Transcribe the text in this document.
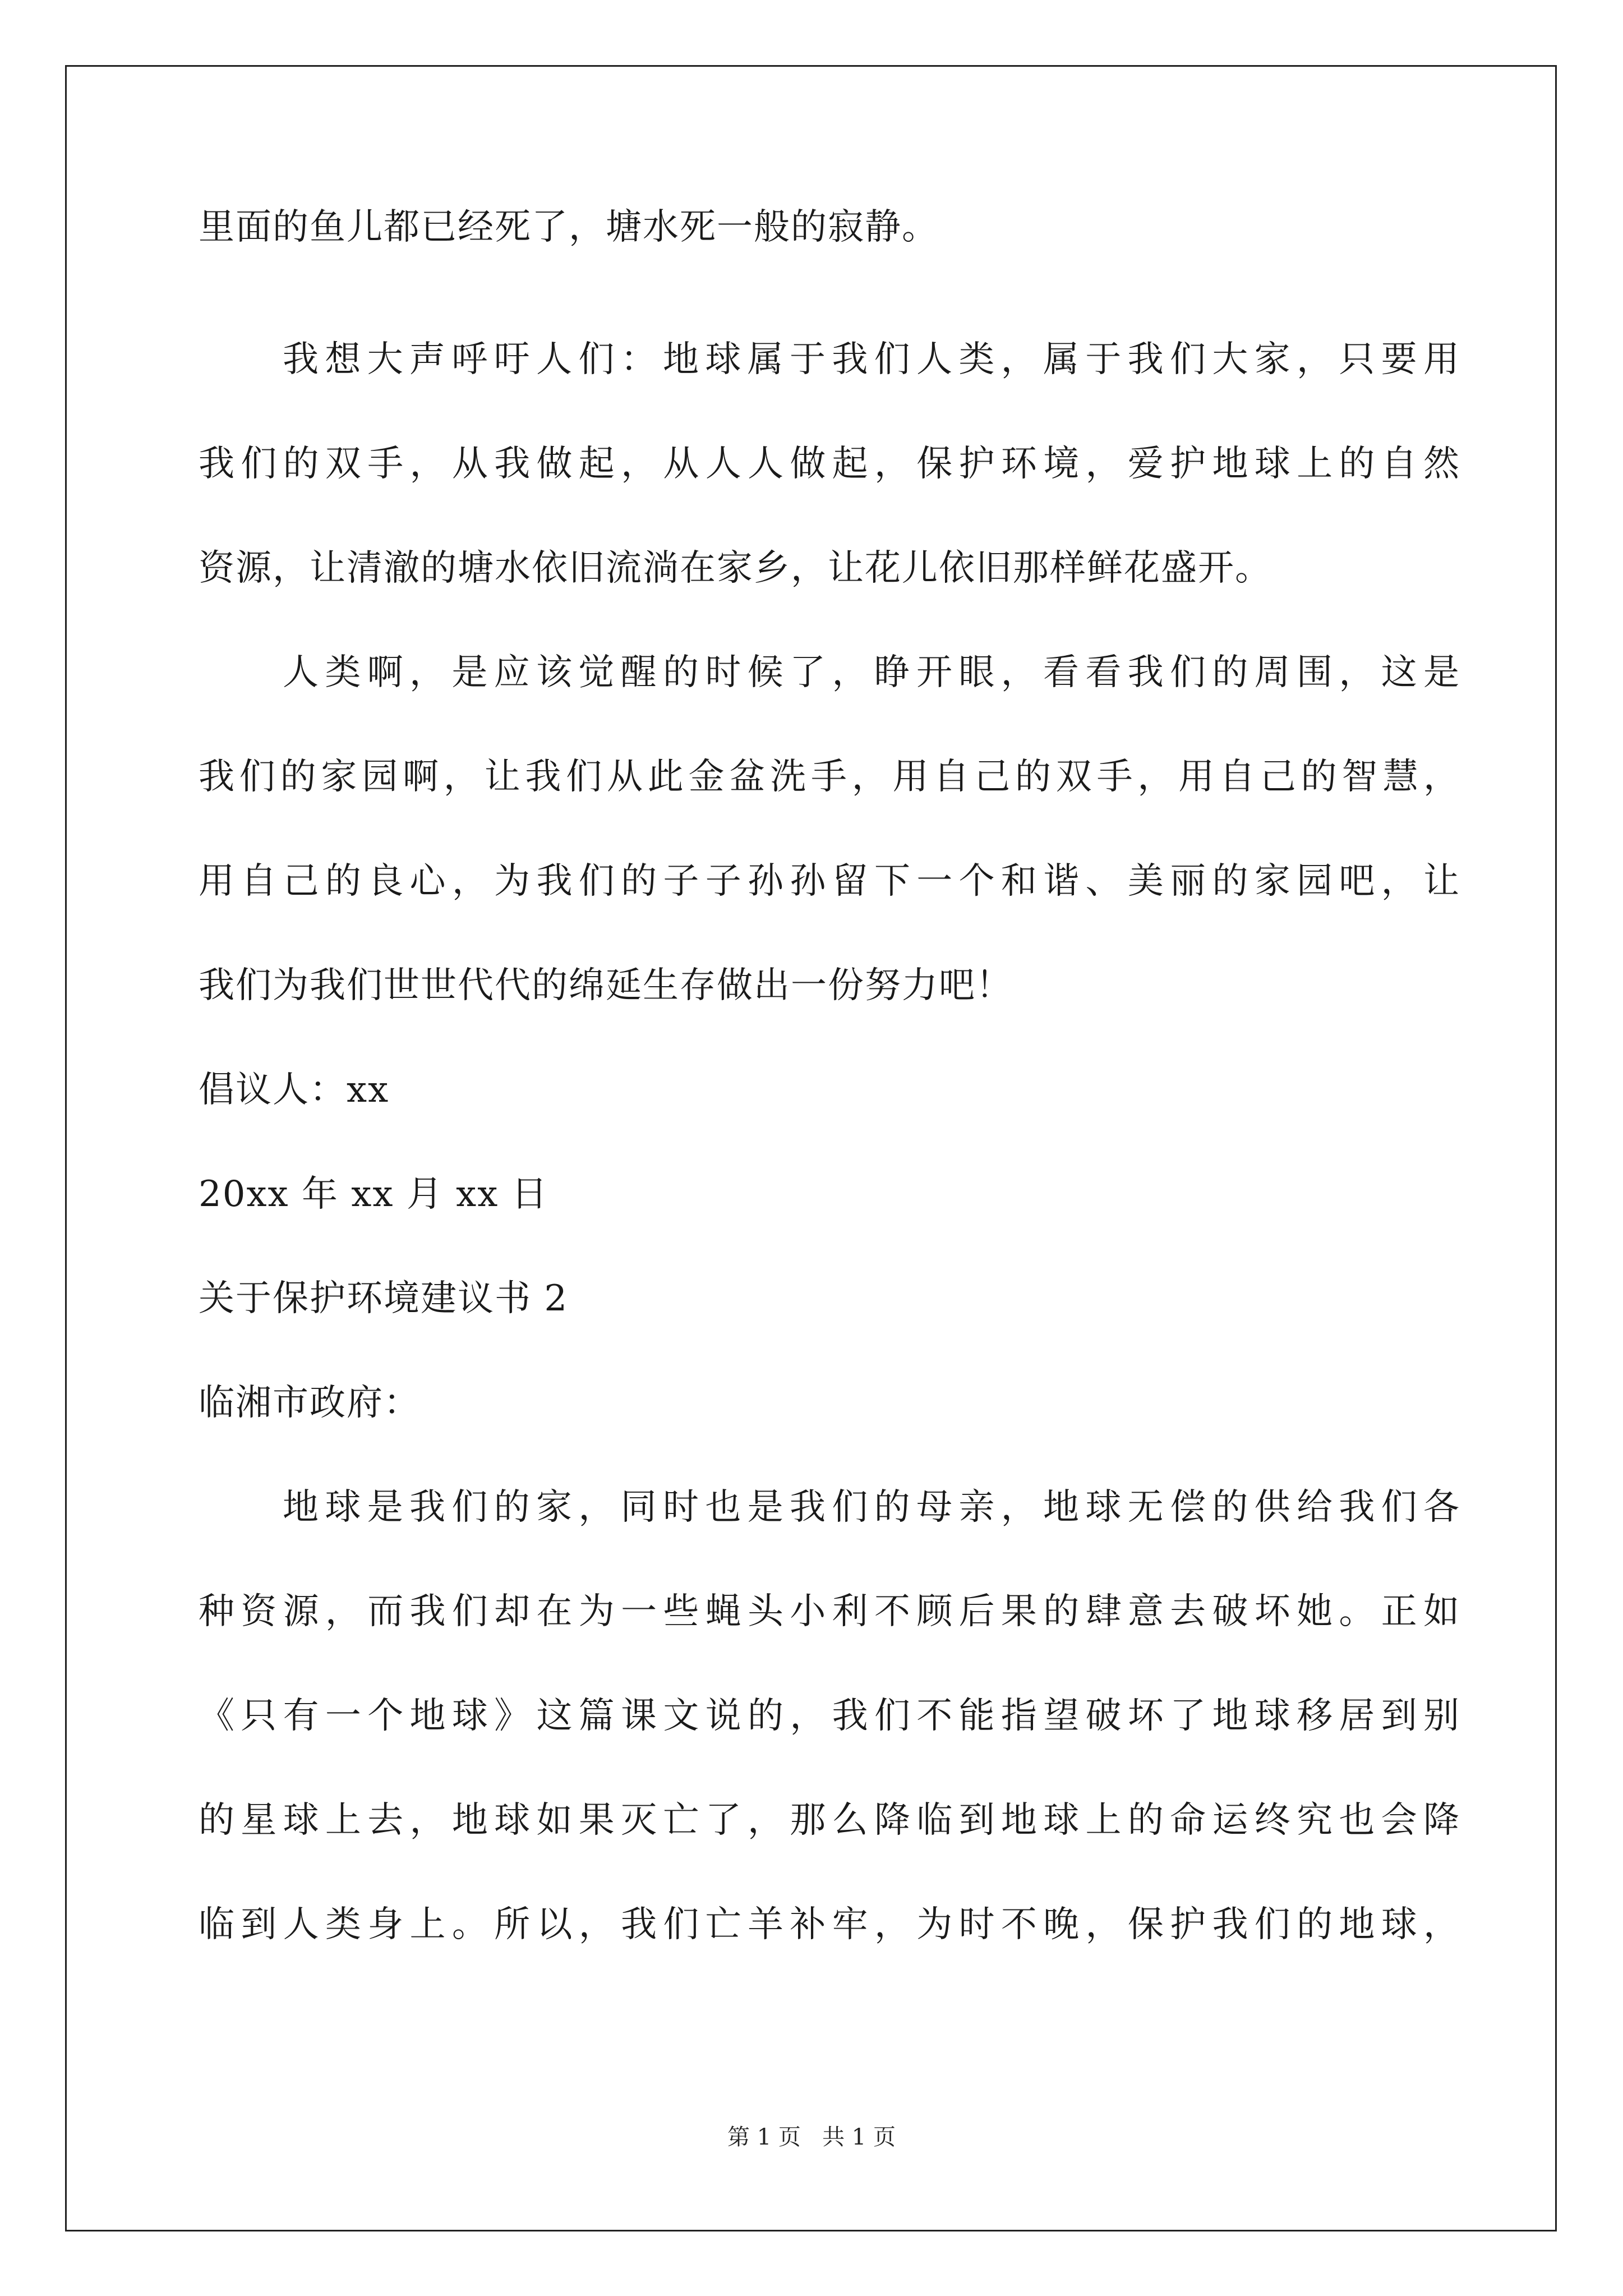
里面的鱼儿都已经死了，塘水死一般的寂静。
我想大声呼吁人们：地球属于我们人类，属于我们大家，只要用
我们的双手，从我做起，从人人做起，保护环境，爱护地球上的自然
资源，让清澈的塘水依旧流淌在家乡，让花儿依旧那样鲜花盛开。
人类啊，是应该觉醒的时候了，睁开眼，看看我们的周围，这是
我们的家园啊，让我们从此金盆洗手，用自己的双手，用自己的智慧，
用自己的良心，为我们的子子孙孙留下一个和谐、美丽的家园吧，让
我们为我们世世代代的绵延生存做出一份努力吧！
倡议人：xx
20xx 年 xx 月 xx 日
关于保护环境建议书 2
临湘市政府：
地球是我们的家，同时也是我们的母亲，地球无偿的供给我们各
种资源，而我们却在为一些蝇头小利不顾后果的肆意去破坏她。正如
《只有一个地球》这篇课文说的，我们不能指望破坏了地球移居到别
的星球上去，地球如果灭亡了，那么降临到地球上的命运终究也会降
临到人类身上。所以，我们亡羊补牢，为时不晚，保护我们的地球，
第 1 页   共 1 页
